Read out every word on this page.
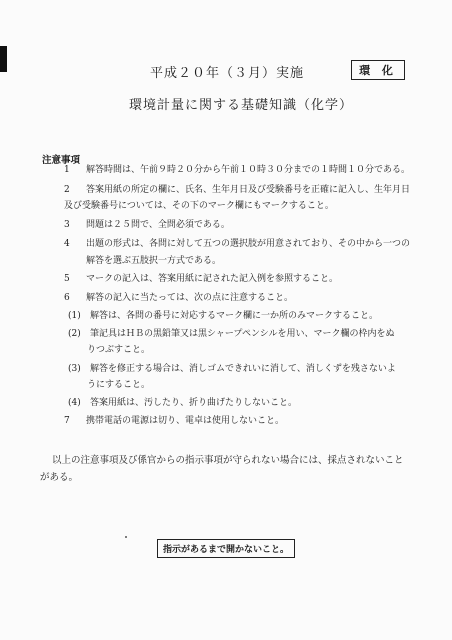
平成２０年（３月）実施	環 化
環境計量に関する基礎知識（化学）
注意事項
1 解答時間は、午前９時２０分から午前１０時３０分までの１時間１０分である。
2 答案用紙の所定の欄に、氏名、生年月日及び受験番号を正確に記入し、生年月日
及び受験番号については、その下のマーク欄にもマークすること。
3 問題は２５問で、全問必須である。
4 出題の形式は、各問に対して五つの選択肢が用意されており、その中から一つの
解答を選ぶ五肢択一方式である。
5 マークの記入は、答案用紙に記された記入例を参照すること。
6 解答の記入に当たっては、次の点に注意すること。
(1) 解答は、各問の番号に対応するマーク欄に一か所のみマークすること。
(2) 筆記具はＨＢの黒鉛筆又は黒シャープペンシルを用い、マーク欄の枠内をぬ
りつぶすこと。
(3) 解答を修正する場合は、消しゴムできれいに消して、消しくずを残さないよ
うにすること。
(4) 答案用紙は、汚したり、折り曲げたりしないこと。
7 携帯電話の電源は切り、電卓は使用しないこと。
以上の注意事項及び係官からの指示事項が守られない場合には、採点されないこと
がある。
指示があるまで開かないこと。
